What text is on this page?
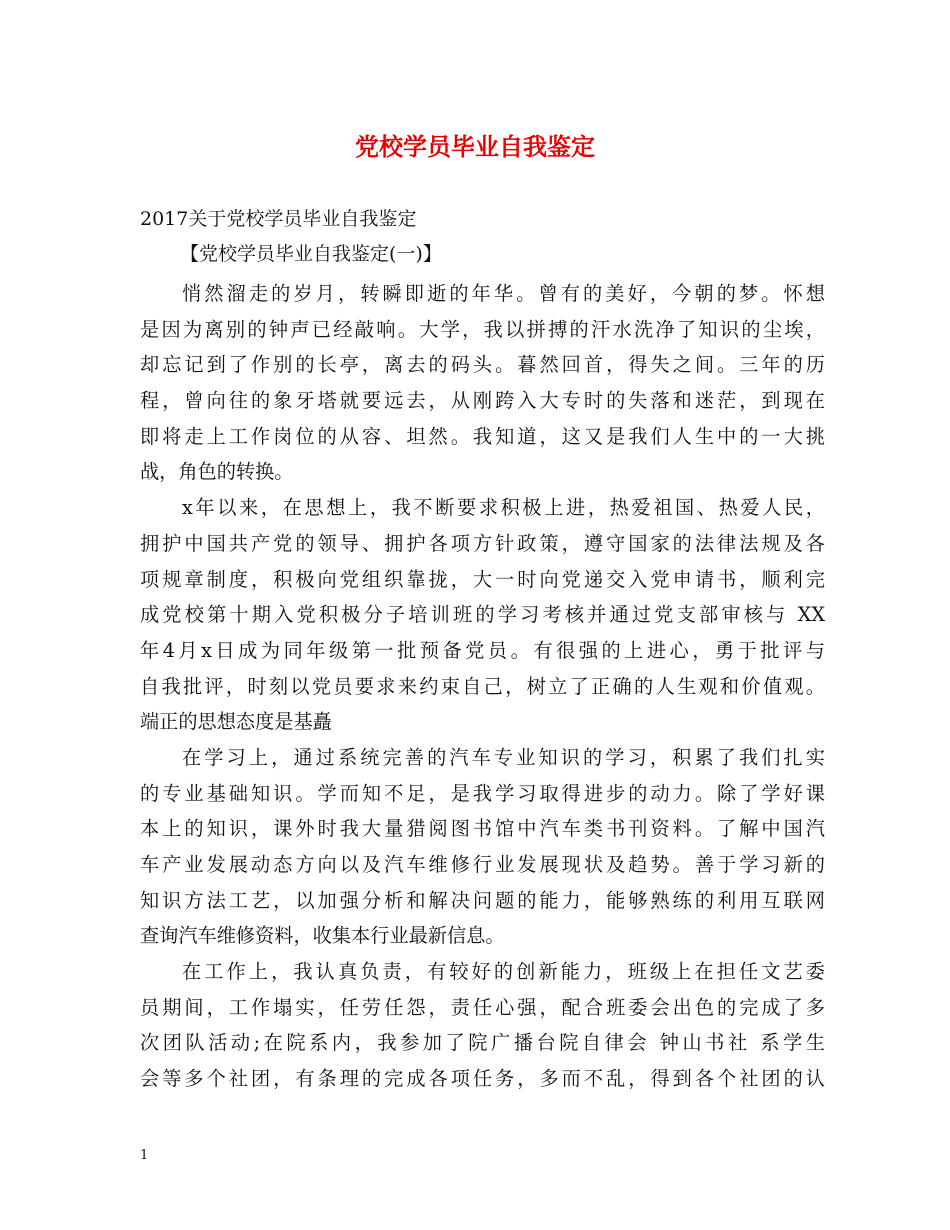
党校学员毕业自我鉴定
2017关于党校学员毕业自我鉴定
【党校学员毕业自我鉴定(一)】
悄然溜走的岁月，转瞬即逝的年华。曾有的美好，今朝的梦。怀想
是因为离别的钟声已经敲响。大学，我以拼搏的汗水洗净了知识的尘埃，
却忘记到了作别的长亭，离去的码头。暮然回首，得失之间。三年的历
程，曾向往的象牙塔就要远去，从刚跨入大专时的失落和迷茫，到现在
即将走上工作岗位的从容、坦然。我知道，这又是我们人生中的一大挑
战，角色的转换。
x年以来，在思想上，我不断要求积极上进，热爱祖国、热爱人民，
拥护中国共产党的领导、拥护各项方针政策，遵守国家的法律法规及各
项规章制度，积极向党组织靠拢，大一时向党递交入党申请书，顺利完
成党校第十期入党积极分子培训班的学习考核并通过党支部审核与 XX
年4月x日成为同年级第一批预备党员。有很强的上进心，勇于批评与
自我批评，时刻以党员要求来约束自己，树立了正确的人生观和价值观。
端正的思想态度是基矗
在学习上，通过系统完善的汽车专业知识的学习，积累了我们扎实
的专业基础知识。学而知不足，是我学习取得进步的动力。除了学好课
本上的知识，课外时我大量猎阅图书馆中汽车类书刊资料。了解中国汽
车产业发展动态方向以及汽车维修行业发展现状及趋势。善于学习新的
知识方法工艺，以加强分析和解决问题的能力，能够熟练的利用互联网
查询汽车维修资料，收集本行业最新信息。
在工作上，我认真负责，有较好的创新能力，班级上在担任文艺委
员期间，工作塌实，任劳任怨，责任心强，配合班委会出色的完成了多
次团队活动;在院系内，我参加了院广播台院自律会 钟山书社 系学生
会等多个社团，有条理的完成各项任务，多而不乱，得到各个社团的认
1
